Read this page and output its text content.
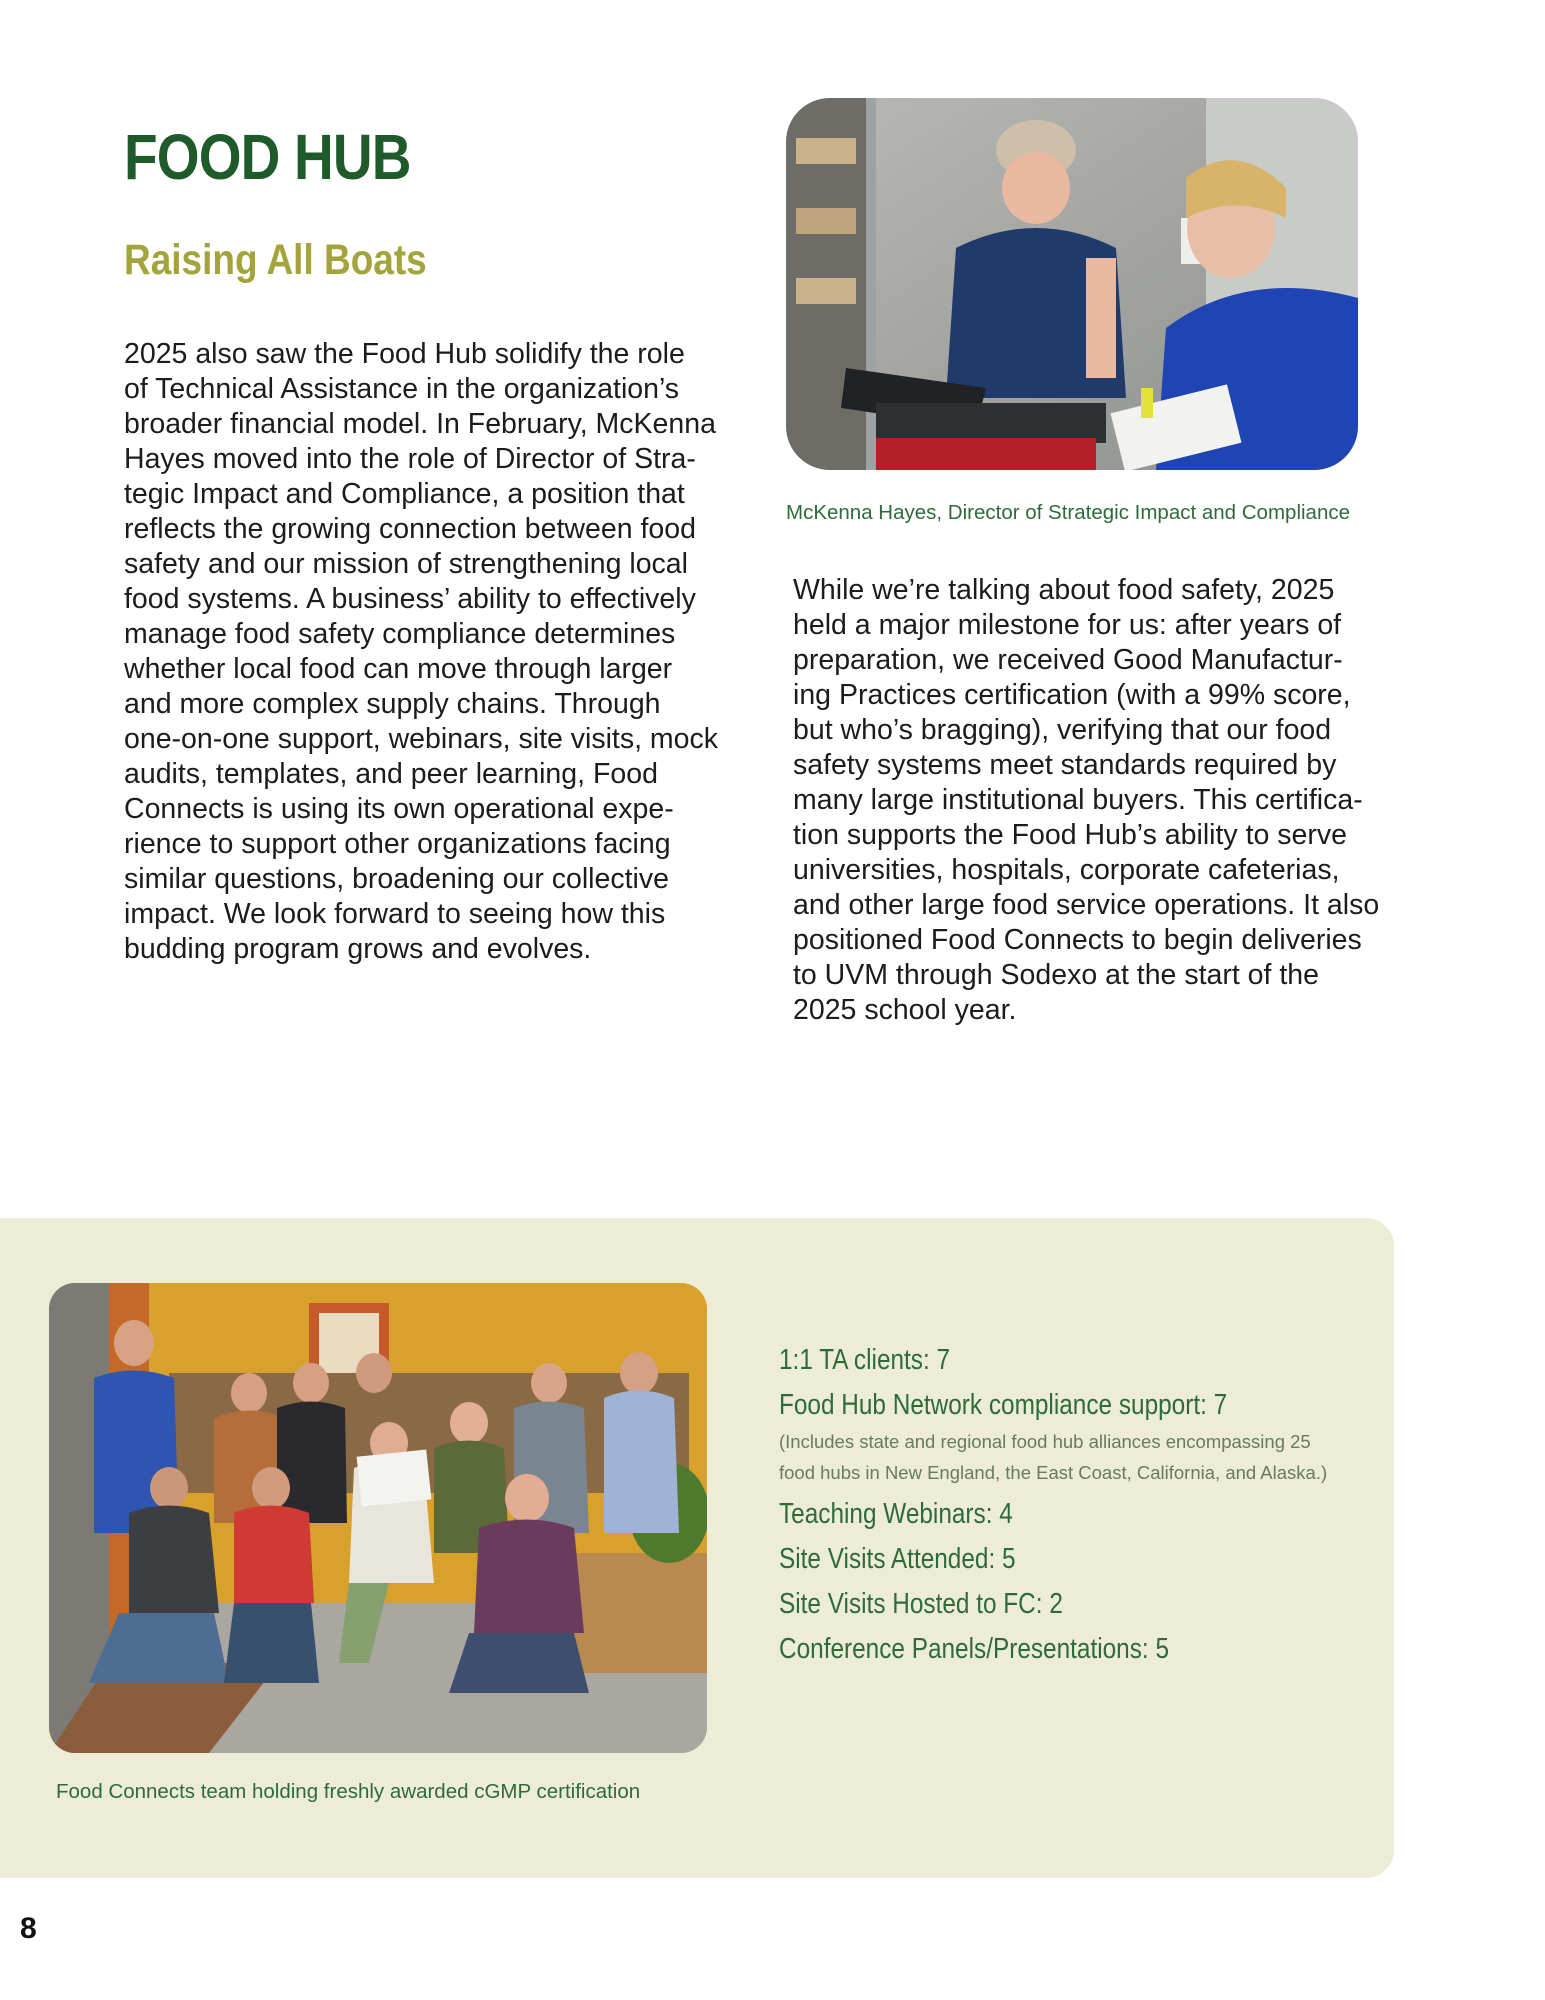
FOOD HUB
Raising All Boats
2025 also saw the Food Hub solidify the role
of Technical Assistance in the organization’s
broader financial model. In February, McKenna
Hayes moved into the role of Director of Stra-
tegic Impact and Compliance, a position that
reflects the growing connection between food
safety and our mission of strengthening local
food systems. A business’ ability to effectively
manage food safety compliance determines
whether local food can move through larger
and more complex supply chains. Through
one-on-one support, webinars, site visits, mock
audits, templates, and peer learning, Food
Connects is using its own operational expe-
rience to support other organizations facing
similar questions, broadening our collective
impact. We look forward to seeing how this
budding program grows and evolves.

McKenna Hayes, Director of Strategic Impact and Compliance

While we’re talking about food safety, 2025
held a major milestone for us: after years of
preparation, we received Good Manufactur-
ing Practices certification (with a 99% score,
but who’s bragging), verifying that our food
safety systems meet standards required by
many large institutional buyers. This certifica-
tion supports the Food Hub’s ability to serve
universities, hospitals, corporate cafeterias,
and other large food service operations. It also
positioned Food Connects to begin deliveries
to UVM through Sodexo at the start of the
2025 school year.

Food Connects team holding freshly awarded cGMP certification

1:1 TA clients: 7
Food Hub Network compliance support: 7
(Includes state and regional food hub alliances encompassing 25 food hubs in New England, the East Coast, California, and Alaska.)
Teaching Webinars: 4
Site Visits Attended: 5
Site Visits Hosted to FC: 2
Conference Panels/Presentations: 5

8
